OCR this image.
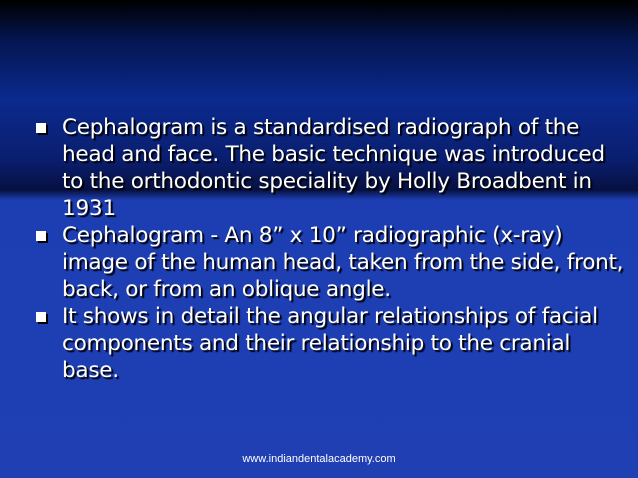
Cephalogram is a standardised radiograph of the head and face. The basic technique was introduced to the orthodontic speciality by Holly Broadbent in 1931
Cephalogram - An 8” x 10” radiographic (x-ray) image of the human head, taken from the side, front, back, or from an oblique angle.
It shows in detail the angular relationships of facial components and their relationship to the cranial base.
www.indiandentalacademy.com
